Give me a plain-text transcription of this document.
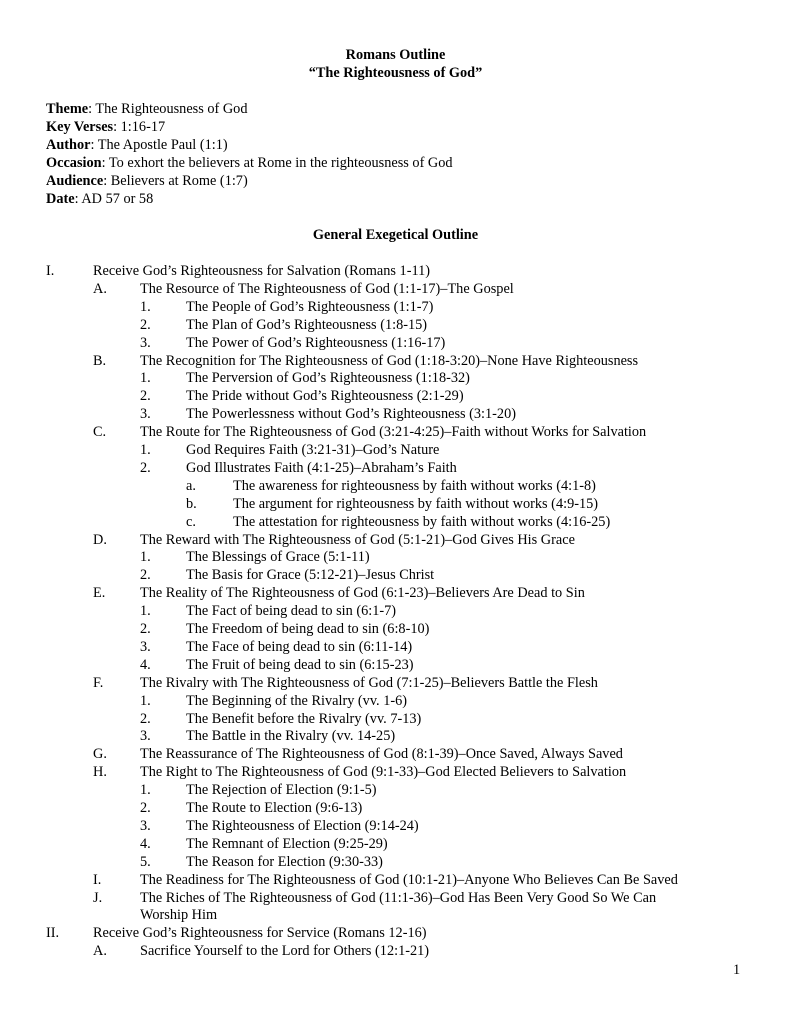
Romans Outline
“The Righteousness of God”
Theme: The Righteousness of God
Key Verses: 1:16-17
Author: The Apostle Paul (1:1)
Occasion: To exhort the believers at Rome in the righteousness of God
Audience: Believers at Rome (1:7)
Date: AD 57 or 58
General Exegetical Outline
I.	Receive God’s Righteousness for Salvation (Romans 1-11)
A. The Resource of The Righteousness of God (1:1-17)–The Gospel
1. The People of God’s Righteousness (1:1-7)
2. The Plan of God’s Righteousness (1:8-15)
3. The Power of God’s Righteousness (1:16-17)
B. The Recognition for The Righteousness of God (1:18-3:20)–None Have Righteousness
1. The Perversion of God’s Righteousness (1:18-32)
2. The Pride without God’s Righteousness (2:1-29)
3. The Powerlessness without God’s Righteousness (3:1-20)
C. The Route for The Righteousness of God (3:21-4:25)–Faith without Works for Salvation
1. God Requires Faith (3:21-31)–God’s Nature
2. God Illustrates Faith (4:1-25)–Abraham’s Faith
a.	The awareness for righteousness by faith without works (4:1-8)
b.	The argument for righteousness by faith without works (4:9-15)
c.	The attestation for righteousness by faith without works (4:16-25)
D. The Reward with The Righteousness of God (5:1-21)–God Gives His Grace
1. The Blessings of Grace (5:1-11)
2. The Basis for Grace (5:12-21)–Jesus Christ
E. The Reality of The Righteousness of God (6:1-23)–Believers Are Dead to Sin
1. The Fact of being dead to sin (6:1-7)
2. The Freedom of being dead to sin (6:8-10)
3. The Face of being dead to sin (6:11-14)
4. The Fruit of being dead to sin (6:15-23)
F.	The Rivalry with The Righteousness of God (7:1-25)–Believers Battle the Flesh
1. The Beginning of the Rivalry (vv. 1-6)
2. The Benefit before the Rivalry (vv. 7-13)
3. The Battle in the Rivalry (vv. 14-25)
G. The Reassurance of The Righteousness of God (8:1-39)–Once Saved, Always Saved
H. The Right to The Righteousness of God (9:1-33)–God Elected Believers to Salvation
1. The Rejection of Election (9:1-5)
2. The Route to Election (9:6-13)
3. The Righteousness of Election (9:14-24)
4. The Remnant of Election (9:25-29)
5. The Reason for Election (9:30-33)
I.	The Readiness for The Righteousness of God (10:1-21)–Anyone Who Believes Can Be Saved
J.	The Riches of The Righteousness of God (11:1-36)–God Has Been Very Good So We Can
Worship Him
II. Receive God’s Righteousness for Service (Romans 12-16)
A. Sacrifice Yourself to the Lord for Others (12:1-21)
1
